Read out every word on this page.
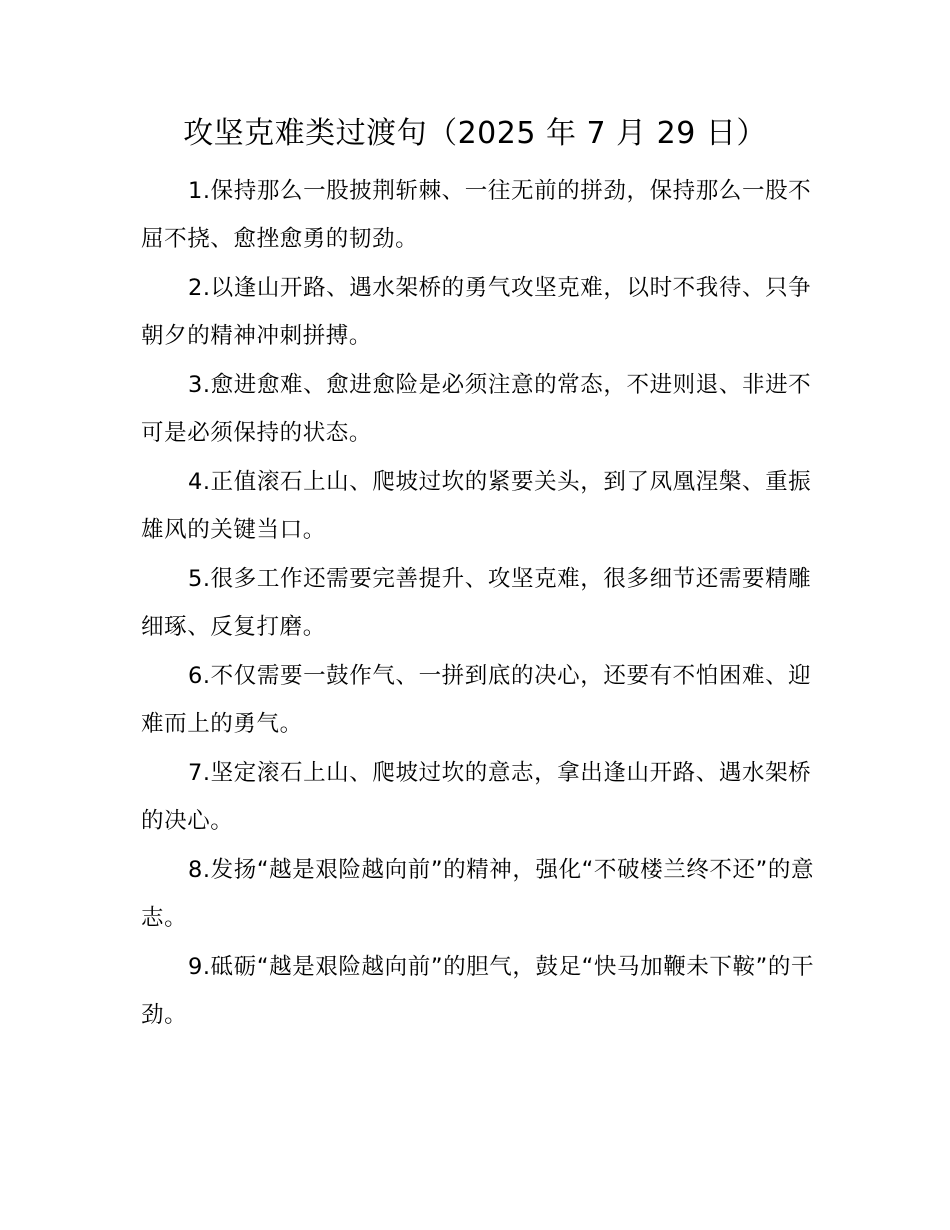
攻坚克难类过渡句（2025 年 7 月 29 日）

1.保持那么一股披荆斩棘、一往无前的拼劲，保持那么一股不屈不挠、愈挫愈勇的韧劲。

2.以逢山开路、遇水架桥的勇气攻坚克难，以时不我待、只争朝夕的精神冲刺拼搏。

3.愈进愈难、愈进愈险是必须注意的常态，不进则退、非进不可是必须保持的状态。

4.正值滚石上山、爬坡过坎的紧要关头，到了凤凰涅槃、重振雄风的关键当口。

5.很多工作还需要完善提升、攻坚克难，很多细节还需要精雕细琢、反复打磨。

6.不仅需要一鼓作气、一拼到底的决心，还要有不怕困难、迎难而上的勇气。

7.坚定滚石上山、爬坡过坎的意志，拿出逢山开路、遇水架桥的决心。

8.发扬“越是艰险越向前”的精神，强化“不破楼兰终不还”的意志。

9.砥砺“越是艰险越向前”的胆气，鼓足“快马加鞭未下鞍”的干劲。
